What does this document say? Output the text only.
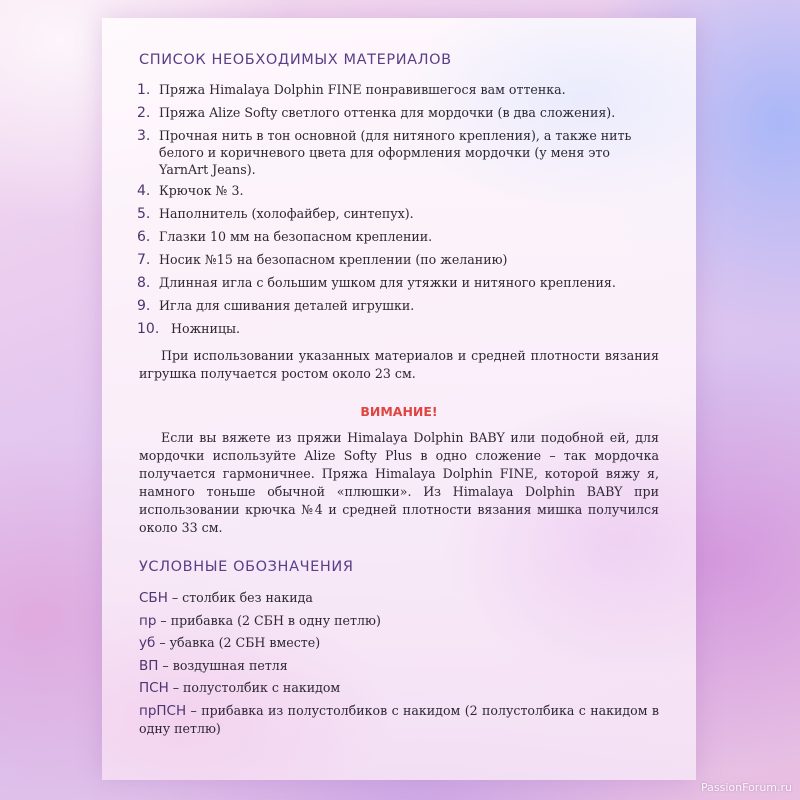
СПИСОК НЕОБХОДИМЫХ МАТЕРИАЛОВ
1. Пряжа Himalaya Dolphin FINE понравившегося вам оттенка.
2. Пряжа Alize Softy светлого оттенка для мордочки (в два сложения).
3. Прочная нить в тон основной (для нитяного крепления), а также нить белого и коричневого цвета для оформления мордочки (у меня это YarnArt Jeans).
4. Крючок № 3.
5. Наполнитель (холофайбер, синтепух).
6. Глазки 10 мм на безопасном креплении.
7. Носик №15 на безопасном креплении (по желанию)
8. Длинная игла с большим ушком для утяжки и нитяного крепления.
9. Игла для сшивания деталей игрушки.
10. Ножницы.

При использовании указанных материалов и средней плотности вязания игрушка получается ростом около 23 см.

ВИМАНИЕ!

Если вы вяжете из пряжи Himalaya Dolphin BABY или подобной ей, для мордочки используйте Alize Softy Plus в одно сложение – так мордочка получается гармоничнее. Пряжа Himalaya Dolphin FINE, которой вяжу я, намного тоньше обычной «плюшки». Из Himalaya Dolphin BABY при использовании крючка №4 и средней плотности вязания мишка получился около 33 см.

УСЛОВНЫЕ ОБОЗНАЧЕНИЯ
СБН – столбик без накида
пр – прибавка (2 СБН в одну петлю)
уб – убавка (2 СБН вместе)
ВП – воздушная петля
ПСН – полустолбик с накидом
прПСН – прибавка из полустолбиков с накидом (2 полустолбика с накидом в одну петлю)
PassionForum.ru
